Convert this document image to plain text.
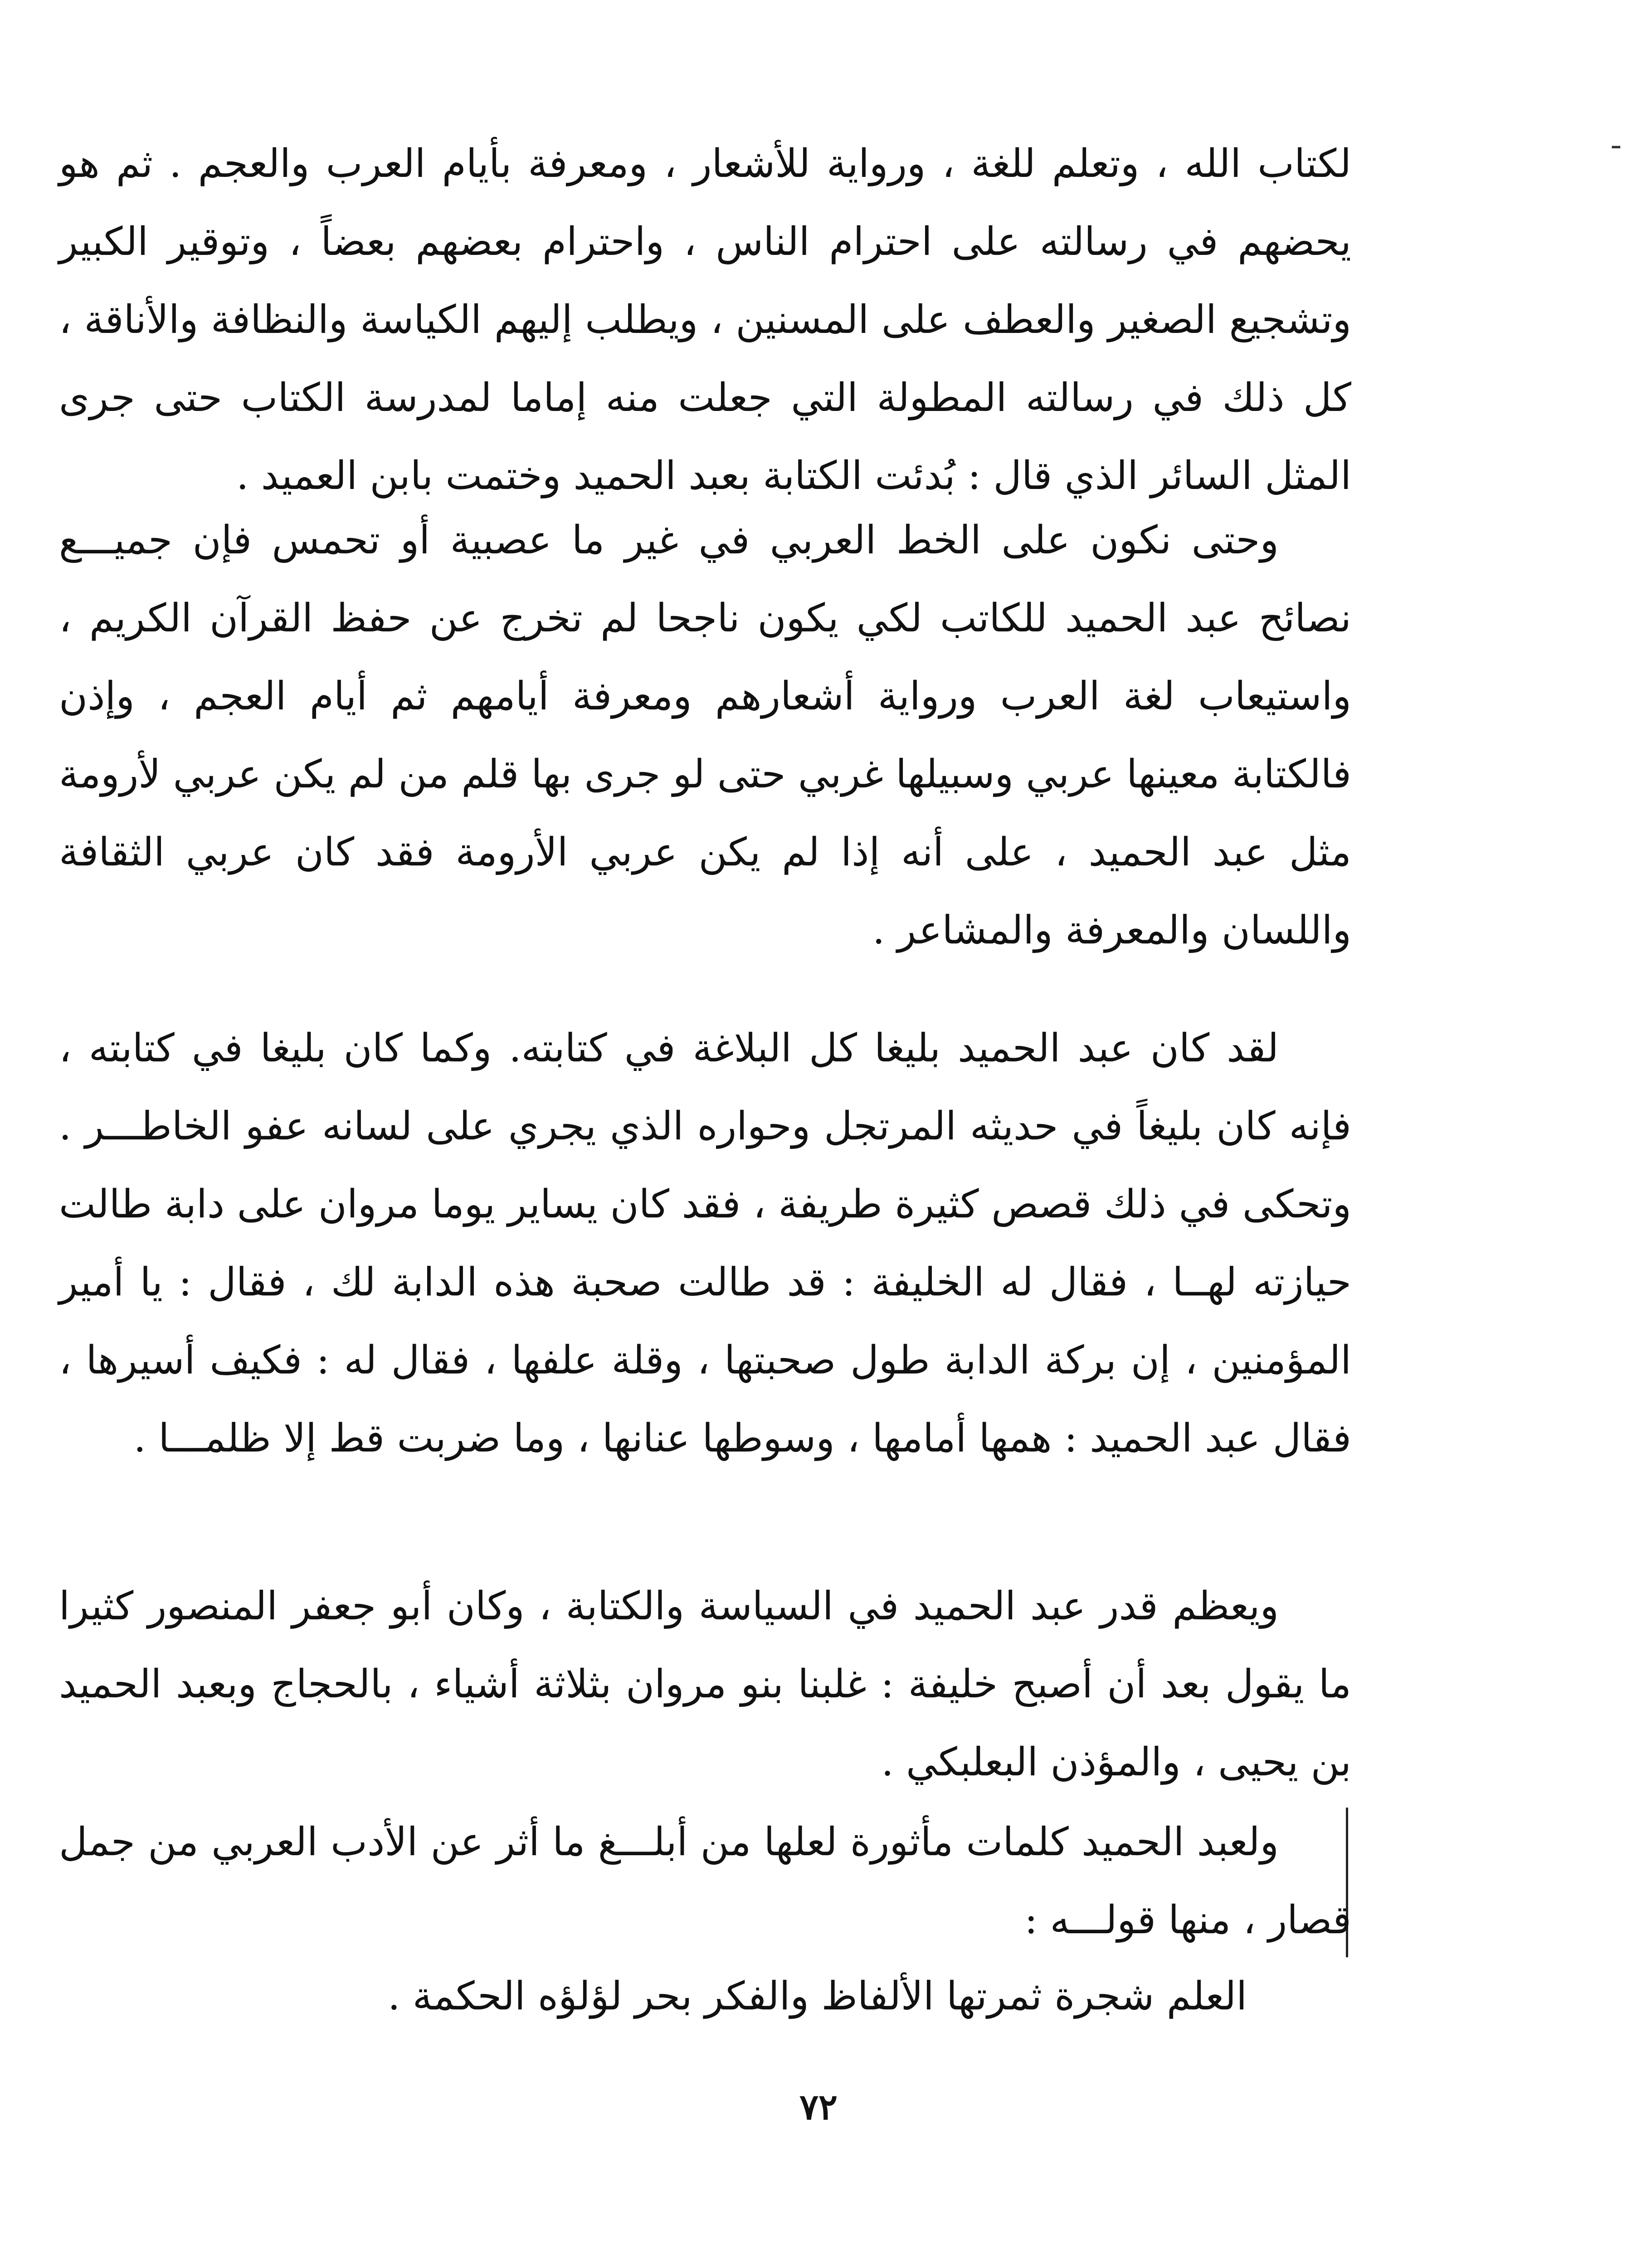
ـ

لكتاب الله ، وتعلم للغة ، ورواية للأشعار ، ومعرفة بأيام العرب والعجم . ثم هو يحضهم في رسالته على احترام الناس ، واحترام بعضهم بعضاً ، وتوقير الكبير وتشجيع الصغير والعطف على المسنين ، ويطلب إليهم الكياسة والنظافة والأناقة ، كل ذلك في رسالته المطولة التي جعلت منه إماما لمدرسة الكتاب حتى جرى المثل السائر الذي قال : بُدئت الكتابة بعبد الحميد وختمت بابن العميد .

وحتى نكون على الخط العربي في غير ما عصبية أو تحمس فإن جميـــع نصائح عبد الحميد للكاتب لكي يكون ناجحا لم تخرج عن حفظ القرآن الكريم ، واستيعاب لغة العرب ورواية أشعارهم ومعرفة أيامهم ثم أيام العجم ، وإذن فالكتابة معينها عربي وسبيلها غربي حتى لو جرى بها قلم من لم يكن عربي لأرومة مثل عبد الحميد ، على أنه إذا لم يكن عربي الأرومة فقد كان عربي الثقافة واللسان والمعرفة والمشاعر .

لقد كان عبد الحميد بليغا كل البلاغة في كتابته. وكما كان بليغا في كتابته ، فإنه كان بليغاً في حديثه المرتجل وحواره الذي يجري على لسانه عفو الخاطـــر . وتحكى في ذلك قصص كثيرة طريفة ، فقد كان يساير يوما مروان على دابة طالت حيازته لهــا ، فقال له الخليفة : قد طالت صحبة هذه الدابة لك ، فقال : يا أمير المؤمنين ، إن بركة الدابة طول صحبتها ، وقلة علفها ، فقال له : فكيف أسيرها ، فقال عبد الحميد : همها أمامها ، وسوطها عنانها ، وما ضربت قط إلا ظلمـــا .

ويعظم قدر عبد الحميد في السياسة والكتابة ، وكان أبو جعفر المنصور كثيرا ما يقول بعد أن أصبح خليفة : غلبنا بنو مروان بثلاثة أشياء ، بالحجاج وبعبد الحميد بن يحيى ، والمؤذن البعلبكي .

ولعبد الحميد كلمات مأثورة لعلها من أبلـــغ ما أثر عن الأدب العربي من جمل قصار ، منها قولـــه :

العلم شجرة ثمرتها الألفاظ والفكر بحر لؤلؤه الحكمة .
٧٢
